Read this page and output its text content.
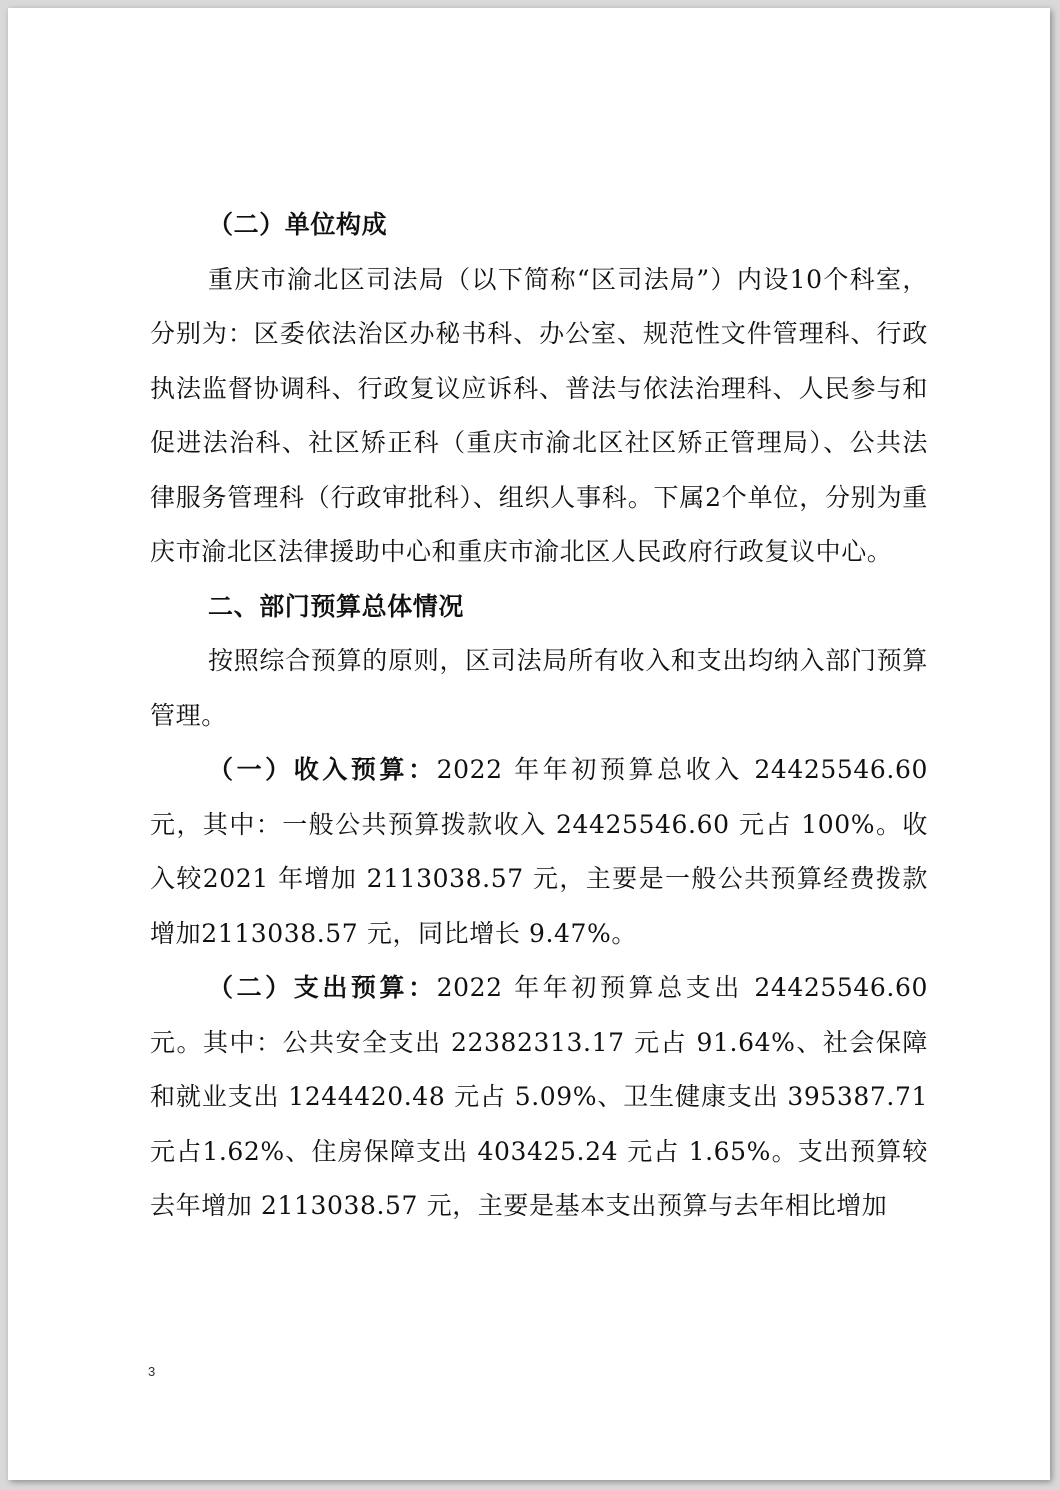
（二）单位构成

重庆市渝北区司法局（以下简称“区司法局”）内设10个科室，分别为：区委依法治区办秘书科、办公室、规范性文件管理科、行政执法监督协调科、行政复议应诉科、普法与依法治理科、人民参与和促进法治科、社区矫正科（重庆市渝北区社区矫正管理局）、公共法律服务管理科（行政审批科）、组织人事科。下属2个单位，分别为重庆市渝北区法律援助中心和重庆市渝北区人民政府行政复议中心。

二、部门预算总体情况

按照综合预算的原则，区司法局所有收入和支出均纳入部门预算管理。

（一）收入预算：2022 年年初预算总收入 24425546.60 元，其中：一般公共预算拨款收入 24425546.60 元占 100%。收入较2021 年增加 2113038.57 元，主要是一般公共预算经费拨款增加2113038.57 元，同比增长 9.47%。

（二）支出预算：2022 年年初预算总支出 24425546.60 元。其中：公共安全支出 22382313.17 元占 91.64%、社会保障和就业支出 1244420.48 元占 5.09%、卫生健康支出 395387.71 元占1.62%、住房保障支出 403425.24 元占 1.65%。支出预算较去年增加 2113038.57 元，主要是基本支出预算与去年相比增加

3
